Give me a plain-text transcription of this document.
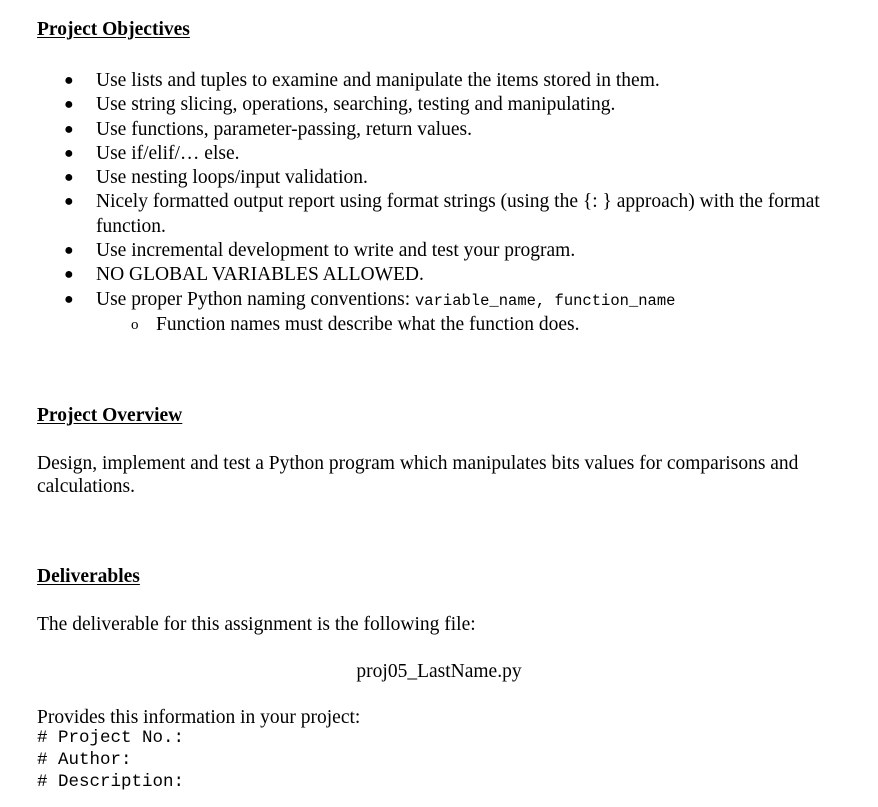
Project Objectives
● Use lists and tuples to examine and manipulate the items stored in them.
● Use string slicing, operations, searching, testing and manipulating.
● Use functions, parameter-passing, return values.
● Use if/elif/… else.
● Use nesting loops/input validation.
● Nicely formatted output report using format strings (using the {: } approach) with the format function.
● Use incremental development to write and test your program.
● NO GLOBAL VARIABLES ALLOWED.
● Use proper Python naming conventions: variable_name, function_name
o Function names must describe what the function does.
Project Overview

Design, implement and test a Python program which manipulates bits values for comparisons and calculations.

Deliverables

The deliverable for this assignment is the following file:

proj05_LastName.py

Provides this information in your project:

# Project No.:
# Author:
# Description:
